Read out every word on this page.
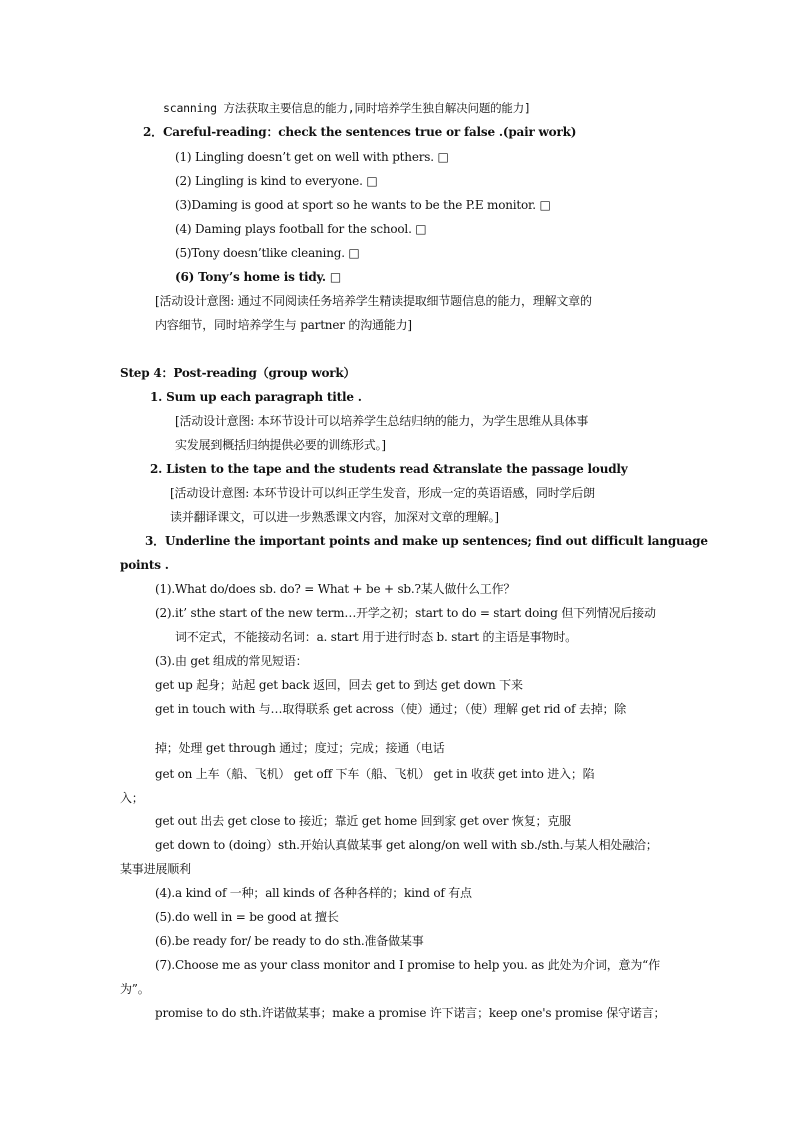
scanning 方法获取主要信息的能力,同时培养学生独自解决问题的能力]
2．Careful-reading：check the sentences true or false .(pair work)
(1) Lingling doesn’t get on well with pthers. □
(2) Lingling is kind to everyone. □
(3)Daming is good at sport so he wants to be the P.E monitor. □
(4) Daming plays football for the school. □
(5)Tony doesn’tlike cleaning. □
(6) Tony’s home is tidy. □
[活动设计意图: 通过不同阅读任务培养学生精读提取细节题信息的能力，理解文章的
内容细节，同时培养学生与 partner 的沟通能力]
Step 4：Post-reading（group work）
1. Sum up each paragraph title .
[活动设计意图: 本环节设计可以培养学生总结归纳的能力，为学生思维从具体事
实发展到概括归纳提供必要的训练形式。]
2. Listen to the tape and the students read &translate the passage loudly
[活动设计意图: 本环节设计可以纠正学生发音，形成一定的英语语感，同时学后朗
读并翻译课文，可以进一步熟悉课文内容，加深对文章的理解。]
3．Underline the important points and make up sentences; find out difficult language
points .
(1).What do/does sb. do? = What + be + sb.?某人做什么工作？
(2).it’ sthe start of the new term…开学之初；start to do = start doing 但下列情况后接动
词不定式，不能接动名词：a. start 用于进行时态 b. start 的主语是事物时。
(3).由 get 组成的常见短语：
get up 起身；站起 get back 返回，回去 get to 到达 get down 下来
get in touch with 与…取得联系 get across（使）通过；（使）理解 get rid of 去掉；除
掉；处理 get through 通过；度过；完成；接通（电话
get on 上车（船、飞机） get off 下车（船、飞机） get in 收获 get into 进入；陷
入；
get out 出去 get close to 接近；靠近 get home 回到家 get over 恢复；克服
get down to (doing）sth.开始认真做某事 get along/on well with sb./sth.与某人相处融洽；
某事进展顺利
(4).a kind of 一种；all kinds of 各种各样的；kind of 有点
(5).do well in = be good at 擅长
(6).be ready for/ be ready to do sth.准备做某事
(7).Choose me as your class monitor and I promise to help you. as 此处为介词，意为“作
为”。
promise to do sth.许诺做某事；make a promise 许下诺言；keep one's promise 保守诺言；
